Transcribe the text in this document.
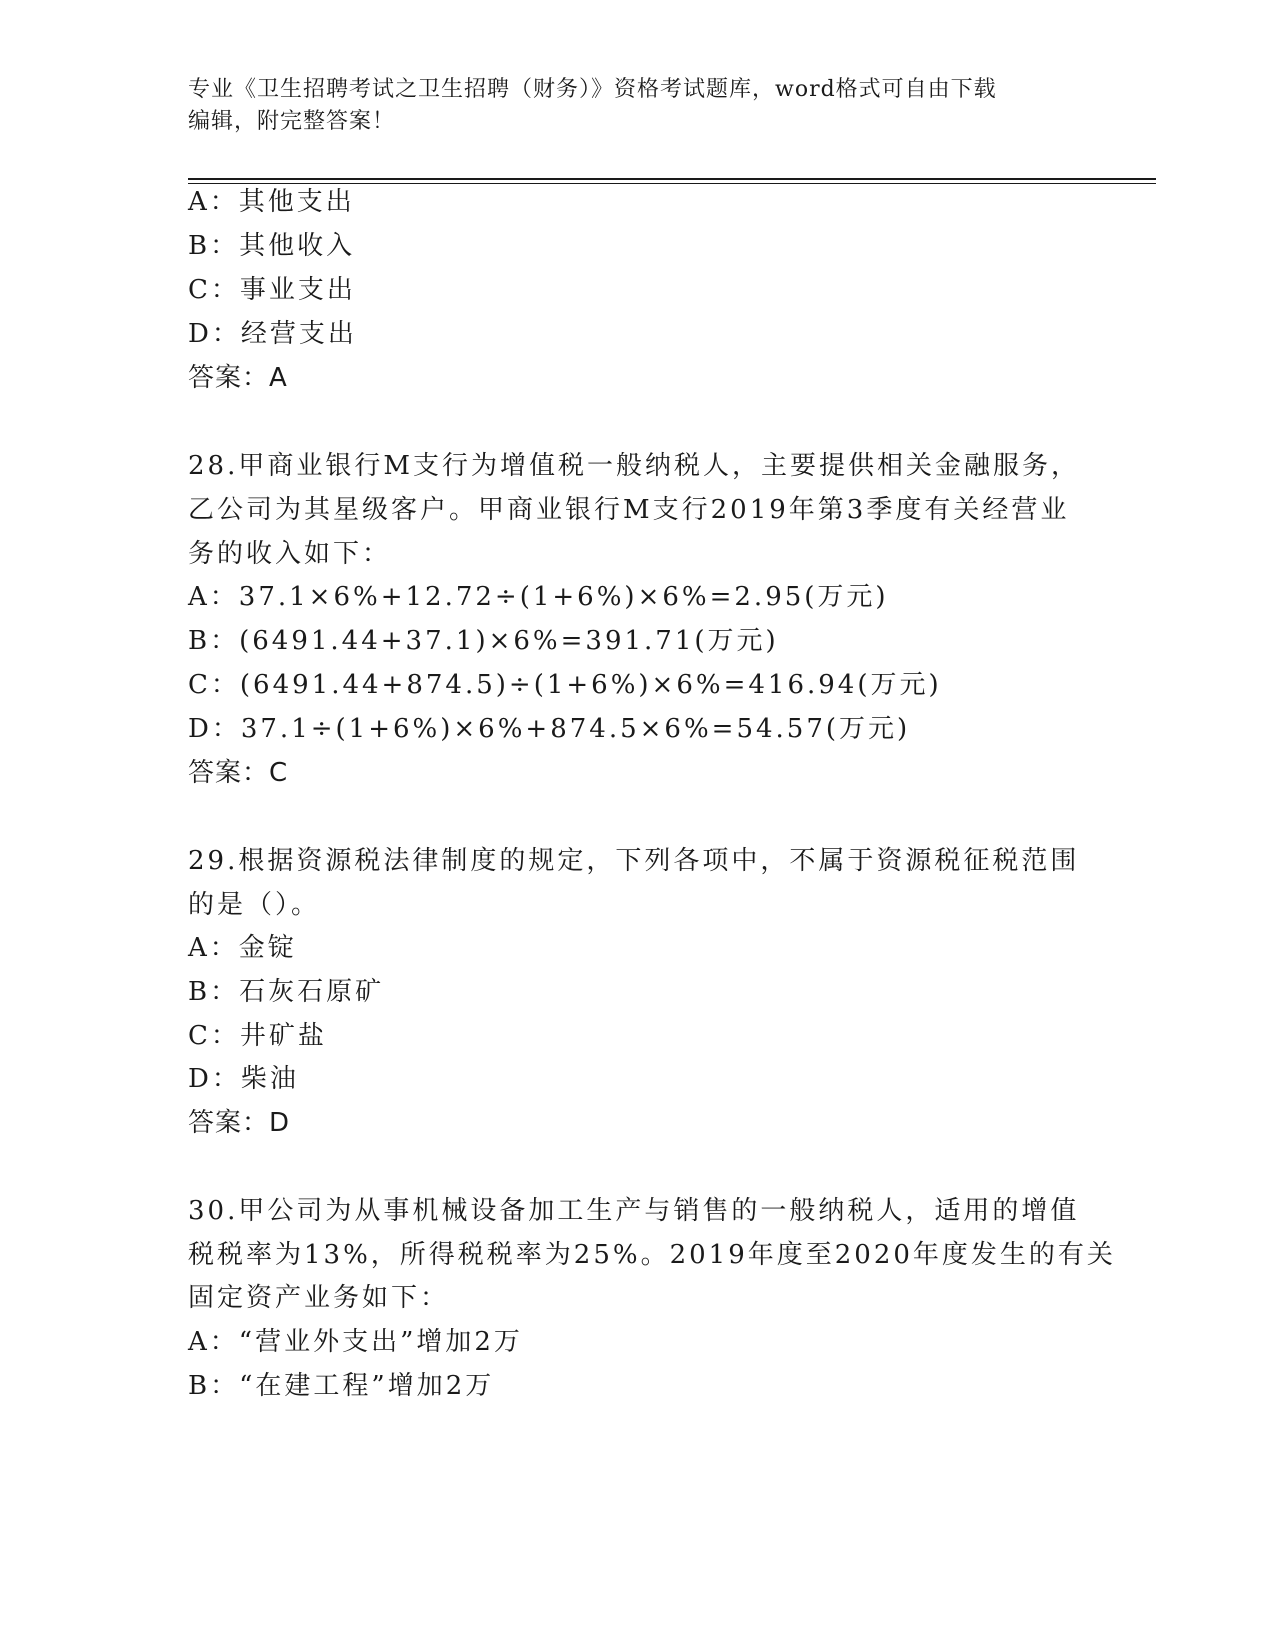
专业《卫生招聘考试之卫生招聘（财务）》资格考试题库，word格式可自由下载
编辑，附完整答案！
A：其他支出
B：其他收入
C：事业支出
D：经营支出
答案：A
28.甲商业银行M支行为增值税一般纳税人，主要提供相关金融服务，
乙公司为其星级客户。甲商业银行M支行2019年第3季度有关经营业
务的收入如下：
A：37.1×6%+12.72÷(1+6%)×6%=2.95(万元)
B：(6491.44+37.1)×6%=391.71(万元)
C：(6491.44+874.5)÷(1+6%)×6%=416.94(万元)
D：37.1÷(1+6%)×6%+874.5×6%=54.57(万元)
答案：C
29.根据资源税法律制度的规定，下列各项中，不属于资源税征税范围
的是（）。
A：金锭
B：石灰石原矿
C：井矿盐
D：柴油
答案：D
30.甲公司为从事机械设备加工生产与销售的一般纳税人，适用的增值
税税率为13%，所得税税率为25%。2019年度至2020年度发生的有关
固定资产业务如下：
A：“营业外支出”增加2万
B：“在建工程”增加2万
